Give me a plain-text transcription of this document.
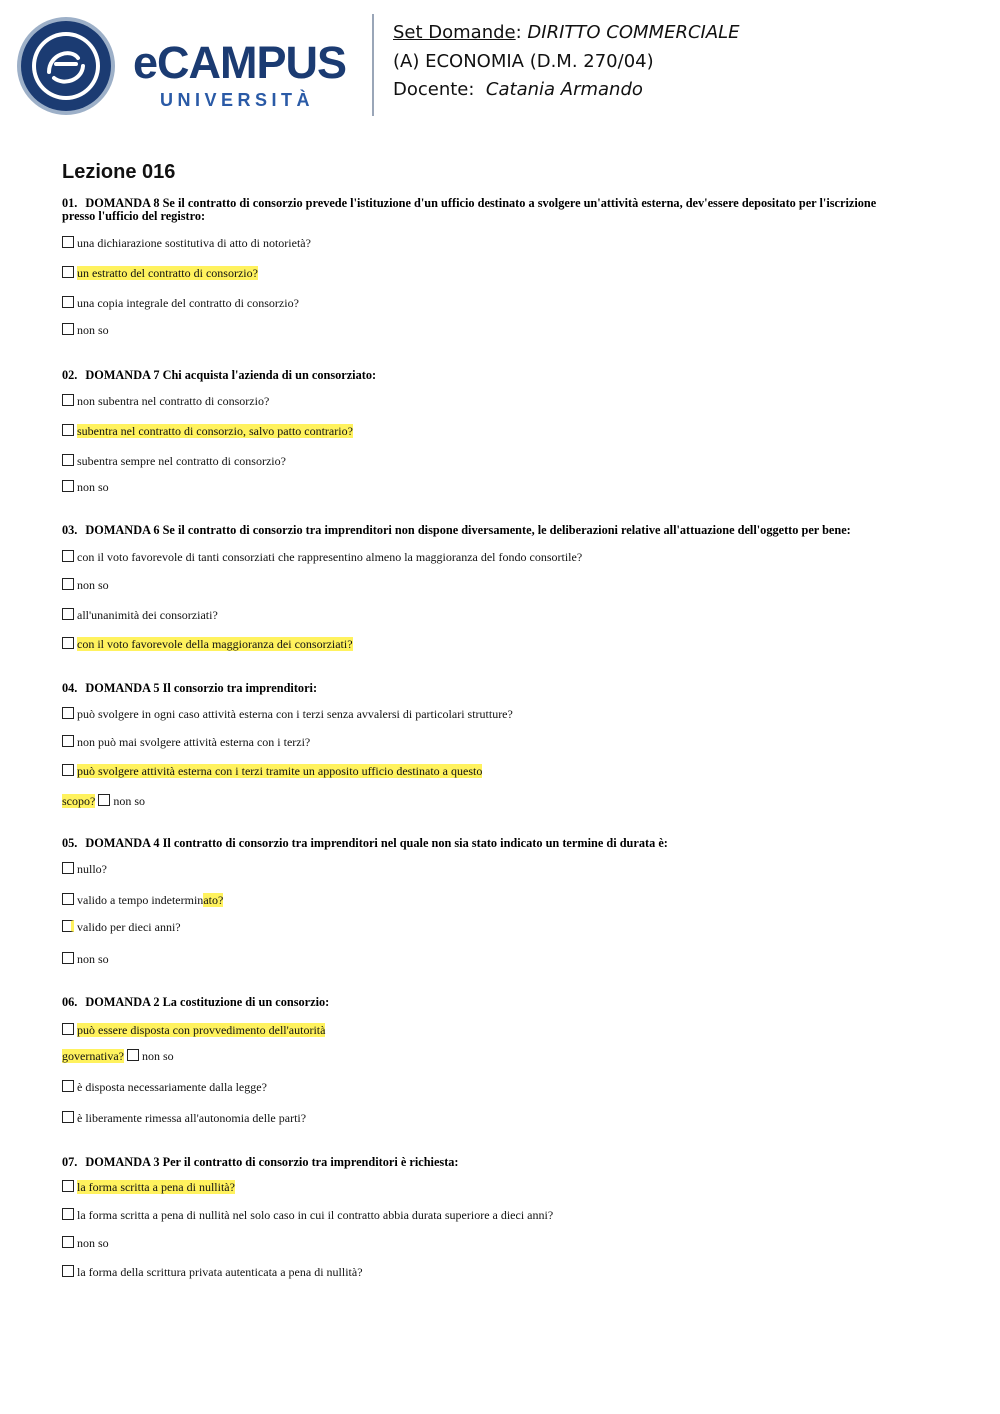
eCAMPUS
UNIVERSITÀ
Set Domande: DIRITTO COMMERCIALE
(A) ECONOMIA (D.M. 270/04)
Docente: Catania Armando
Lezione 016
01. DOMANDA 8 Se il contratto di consorzio prevede l'istituzione d'un ufficio destinato a svolgere un'attività esterna, dev'essere depositato per l'iscrizione presso l'ufficio del registro:
una dichiarazione sostitutiva di atto di notorietà?
un estratto del contratto di consorzio?
una copia integrale del contratto di consorzio?
non so
02. DOMANDA 7 Chi acquista l'azienda di un consorziato:
non subentra nel contratto di consorzio?
subentra nel contratto di consorzio, salvo patto contrario?
subentra sempre nel contratto di consorzio?
non so
03. DOMANDA 6 Se il contratto di consorzio tra imprenditori non dispone diversamente, le deliberazioni relative all'attuazione dell'oggetto per bene:
con il voto favorevole di tanti consorziati che rappresentino almeno la maggioranza del fondo consortile?
non so
all'unanimità dei consorziati?
con il voto favorevole della maggioranza dei consorziati?
04. DOMANDA 5 Il consorzio tra imprenditori:
può svolgere in ogni caso attività esterna con i terzi senza avvalersi di particolari strutture?
non può mai svolgere attività esterna con i terzi?
può svolgere attività esterna con i terzi tramite un apposito ufficio destinato a questo
scopo? non so
05. DOMANDA 4 Il contratto di consorzio tra imprenditori nel quale non sia stato indicato un termine di durata è:
nullo?
valido a tempo indeterminato?
valido per dieci anni?
non so
06. DOMANDA 2 La costituzione di un consorzio:
può essere disposta con provvedimento dell'autorità
governativa? non so
è disposta necessariamente dalla legge?
è liberamente rimessa all'autonomia delle parti?
07. DOMANDA 3 Per il contratto di consorzio tra imprenditori è richiesta:
la forma scritta a pena di nullità?
la forma scritta a pena di nullità nel solo caso in cui il contratto abbia durata superiore a dieci anni?
non so
la forma della scrittura privata autenticata a pena di nullità?
